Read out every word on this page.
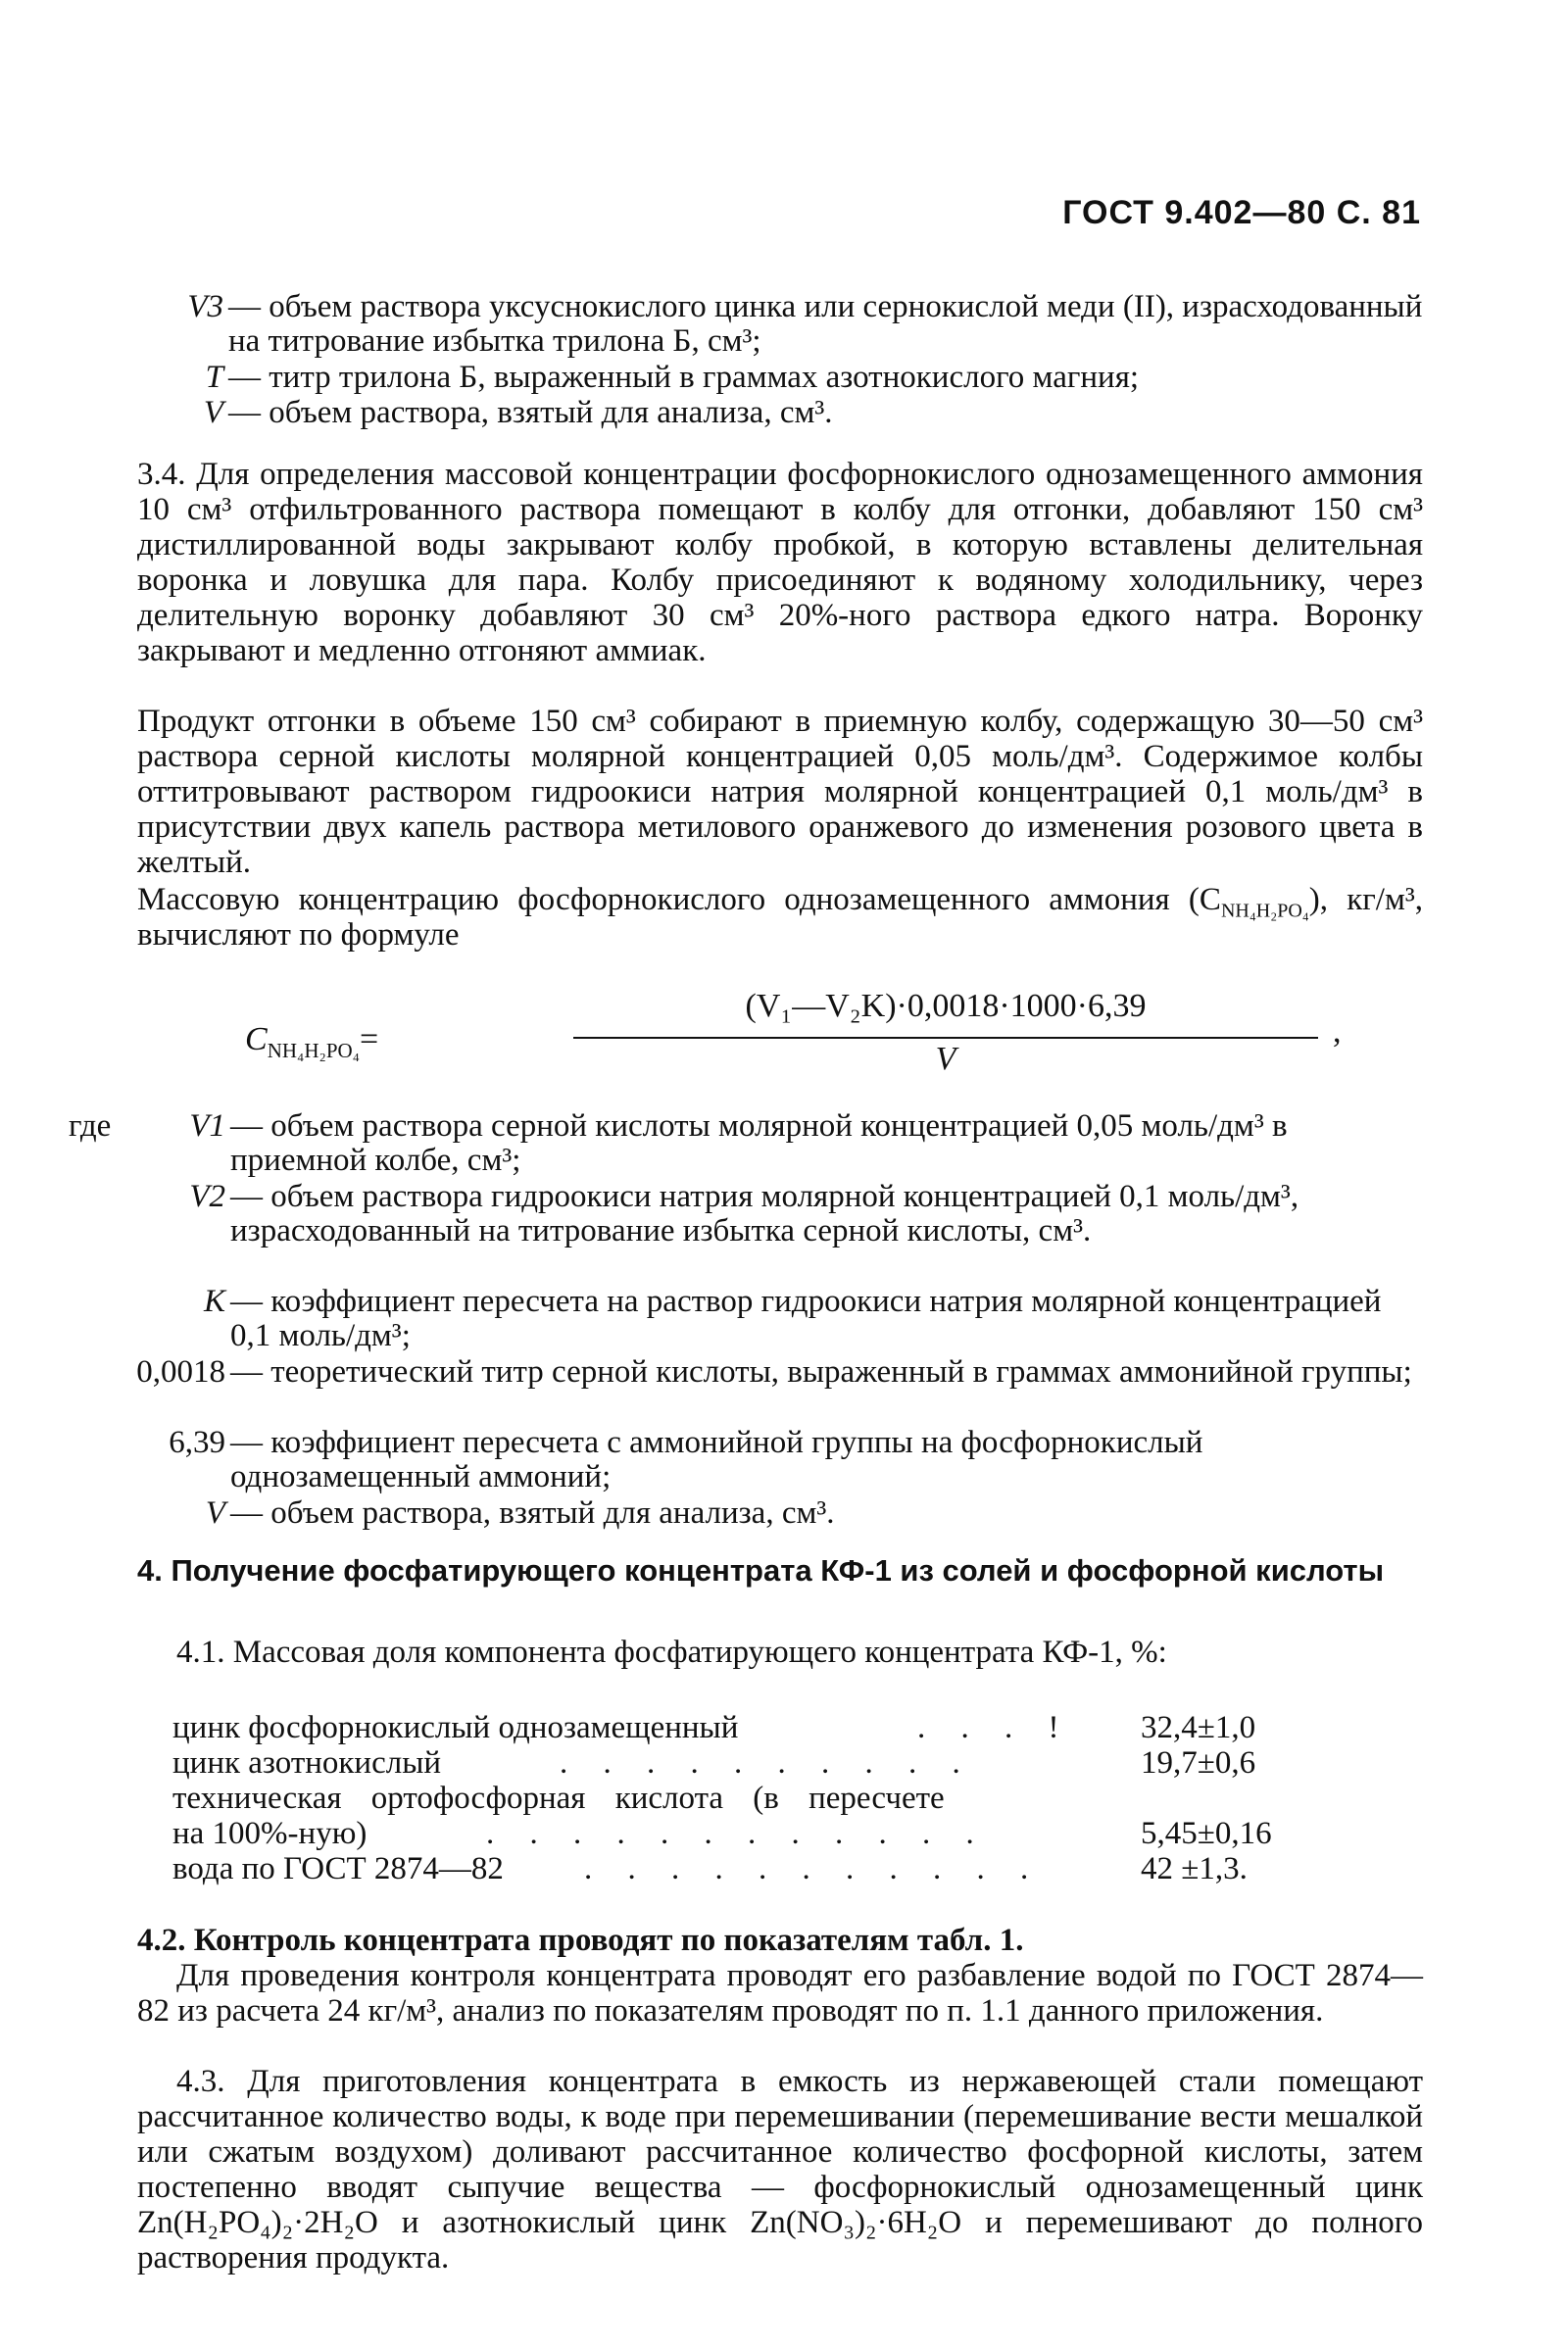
ГОСТ 9.402—80 С. 81
V3 — объем раствора уксуснокислого цинка или сернокислой меди (II), израсходованный на титрование избытка трилона Б, см³;
T — титр трилона Б, выраженный в граммах азотнокислого магния;
V — объем раствора, взятый для анализа, см³.

3.4. Для определения массовой концентрации фосфорнокислого однозамещенного аммония 10 см³ отфильтрованного раствора помещают в колбу для отгонки, добавляют 150 см³ дистиллированной воды закрывают колбу пробкой, в которую вставлены делительная воронка и ловушка для пара. Колбу присоединяют к водяному холодильнику, через делительную воронку добавляют 30 см³ 20%-ного раствора едкого натра. Воронку закрывают и медленно отгоняют аммиак.

Продукт отгонки в объеме 150 см³ собирают в приемную колбу, содержащую 30—50 см³ раствора серной кислоты молярной концентрацией 0,05 моль/дм³. Содержимое колбы оттитровывают раствором гидроокиси натрия молярной концентрацией 0,1 моль/дм³ в присутствии двух капель раствора метилового оранжевого до изменения розового цвета в желтый.

Массовую концентрацию фосфорнокислого однозамещенного аммония $(C_{NH_4H_2PO_4})$, кг/м³, вычисляют по формуле

$C_{NH_4H_2PO_4}=$
(V₁—V₂K)·0,0018·1000·6,39
V
,
где	V1 — объем раствора серной кислоты молярной концентрацией 0,05 моль/дм³ в приемной колбе, см³;
V2 — объем раствора гидроокиси натрия молярной концентрацией 0,1 моль/дм³, израсходованный на титрование избытка серной кислоты, см³.
K — коэффициент пересчета на раствор гидроокиси натрия молярной концентрацией 0,1 моль/дм³;
0,0018 — теоретический титр серной кислоты, выраженный в граммах аммонийной группы;
6,39 — коэффициент пересчета с аммонийной группы на фосфорнокислый однозамещенный аммоний;
V — объем раствора, взятый для анализа, см³.
4. Получение фосфатирующего концентрата КФ-1 из солей и фосфорной кислоты

4.1. Массовая доля компонента фосфатирующего концентрата КФ-1, %:

цинк фосфорнокислый однозамещенный	. . . ! 32,4±1,0
цинк азотнокислый	. . . . . . . . . .	19,7±0,6
техническая ортофосфорная кислота (в пересчете
на 100%-ную)	. . . . . . . . . . . .	5,45±0,16
вода по ГОСТ 2874—82 . . . . . . . . . . .	42 ±1,3.

4.2. Контроль концентрата проводят по показателям табл. 1.

Для проведения контроля концентрата проводят его разбавление водой по ГОСТ 2874—82 из расчета 24 кг/м³, анализ по показателям проводят по п. 1.1 данного приложения.

4.3. Для приготовления концентрата в емкость из нержавеющей стали помещают рассчитанное количество воды, к воде при перемешивании (перемешивание вести мешалкой или сжатым воздухом) доливают рассчитанное количество фосфорной кислоты, затем постепенно вводят сыпучие вещества — фосфорнокислый однозамещенный цинк Zn(H₂PO₄)₂·2H₂O и азотнокислый цинк Zn(NO₃)₂·6H₂O и перемешивают до полного растворения продукта.
